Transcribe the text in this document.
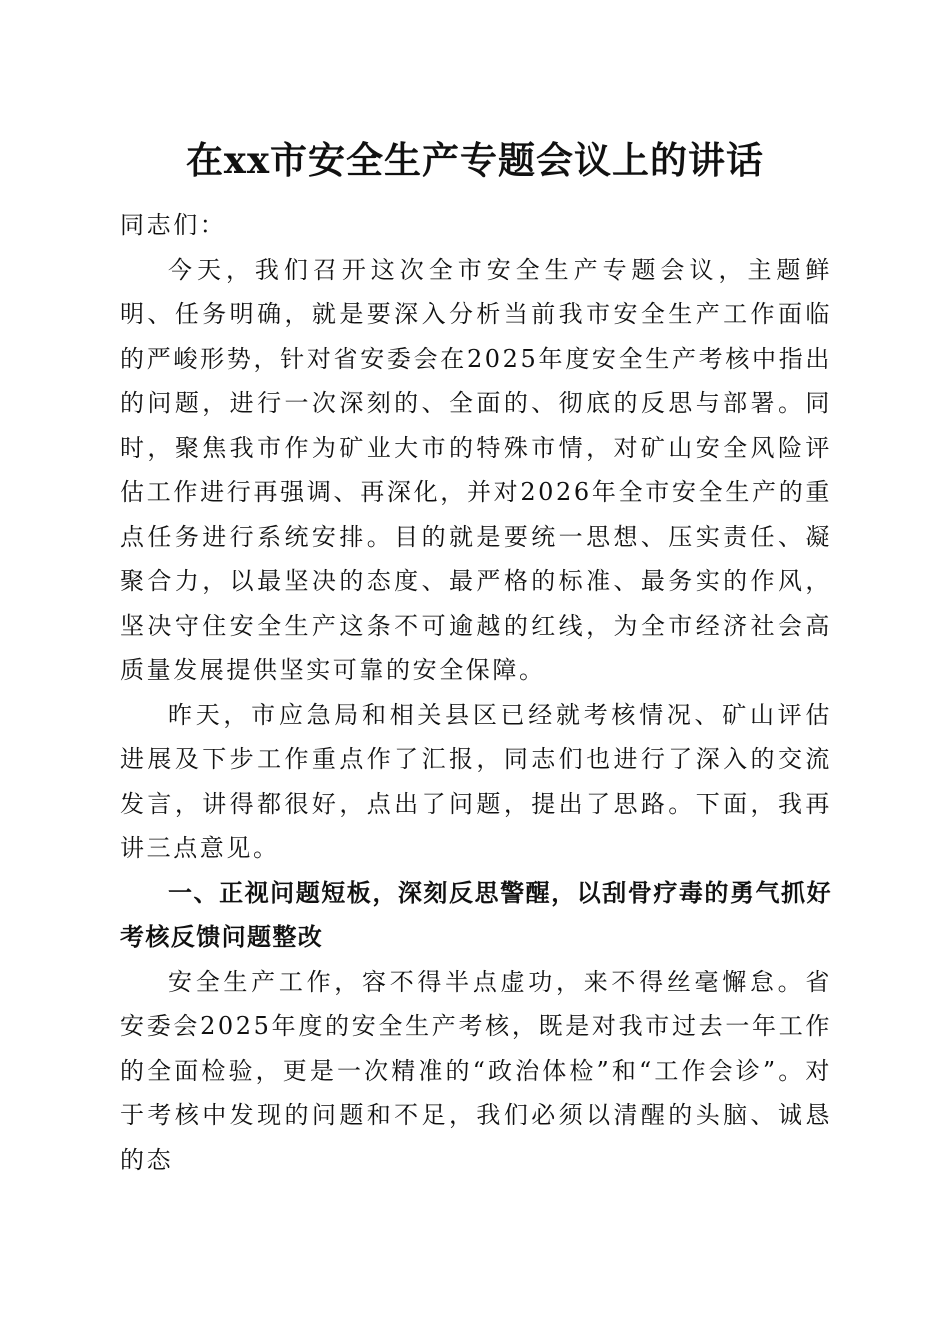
在xx市安全生产专题会议上的讲话

同志们：

今天，我们召开这次全市安全生产专题会议，主题鲜明、任务明确，就是要深入分析当前我市安全生产工作面临的严峻形势，针对省安委会在2025年度安全生产考核中指出的问题，进行一次深刻的、全面的、彻底的反思与部署。同时，聚焦我市作为矿业大市的特殊市情，对矿山安全风险评估工作进行再强调、再深化，并对2026年全市安全生产的重点任务进行系统安排。目的就是要统一思想、压实责任、凝聚合力，以最坚决的态度、最严格的标准、最务实的作风，坚决守住安全生产这条不可逾越的红线，为全市经济社会高质量发展提供坚实可靠的安全保障。

昨天，市应急局和相关县区已经就考核情况、矿山评估进展及下步工作重点作了汇报，同志们也进行了深入的交流发言，讲得都很好，点出了问题，提出了思路。下面，我再讲三点意见。

一、正视问题短板，深刻反思警醒，以刮骨疗毒的勇气抓好考核反馈问题整改

安全生产工作，容不得半点虚功，来不得丝毫懈怠。省安委会2025年度的安全生产考核，既是对我市过去一年工作的全面检验，更是一次精准的“政治体检”和“工作会诊”。对于考核中发现的问题和不足，我们必须以清醒的头脑、诚恳的态
